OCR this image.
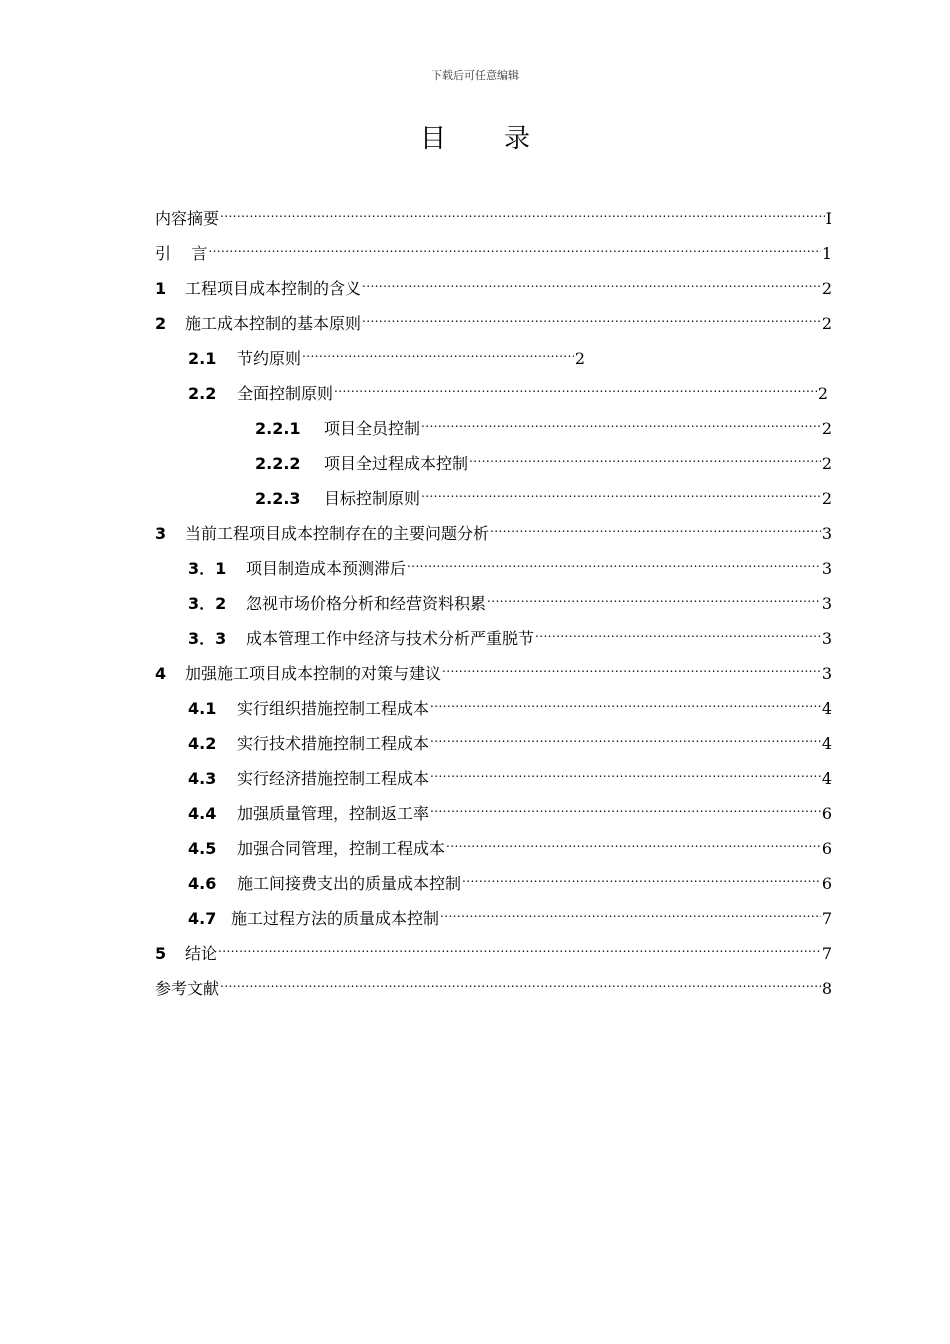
下载后可任意编辑
目 录
内容摘要 .....	I
引    言 .....	1
1	工程项目成本控制的含义 .....	2
2	施工成本控制的基本原则 .....	2
2.1	节约原则 .....	2
2.2	全面控制原则 .....	2
2.2.1	项目全员控制 .....	2
2.2.2	项目全过程成本控制 .....	2
2.2.3	目标控制原则 .....	2
3	当前工程项目成本控制存在的主要问题分析 .....	3
3．1	项目制造成本预测滞后 .....	3
3．2	忽视市场价格分析和经营资料积累 .....	3
3．3	成本管理工作中经济与技术分析严重脱节 .....	3
4	加强施工项目成本控制的对策与建议 .....	3
4.1	实行组织措施控制工程成本 .....	4
4.2	实行技术措施控制工程成本 .....	4
4.3	实行经济措施控制工程成本 .....	4
4.4	加强质量管理，控制返工率 .....	6
4.5	加强合同管理，控制工程成本 .....	6
4.6	施工间接费支出的质量成本控制 .....	6
4.7 施工过程方法的质量成本控制 .....	7
5	结论 .....	7
参考文献 .....	8
